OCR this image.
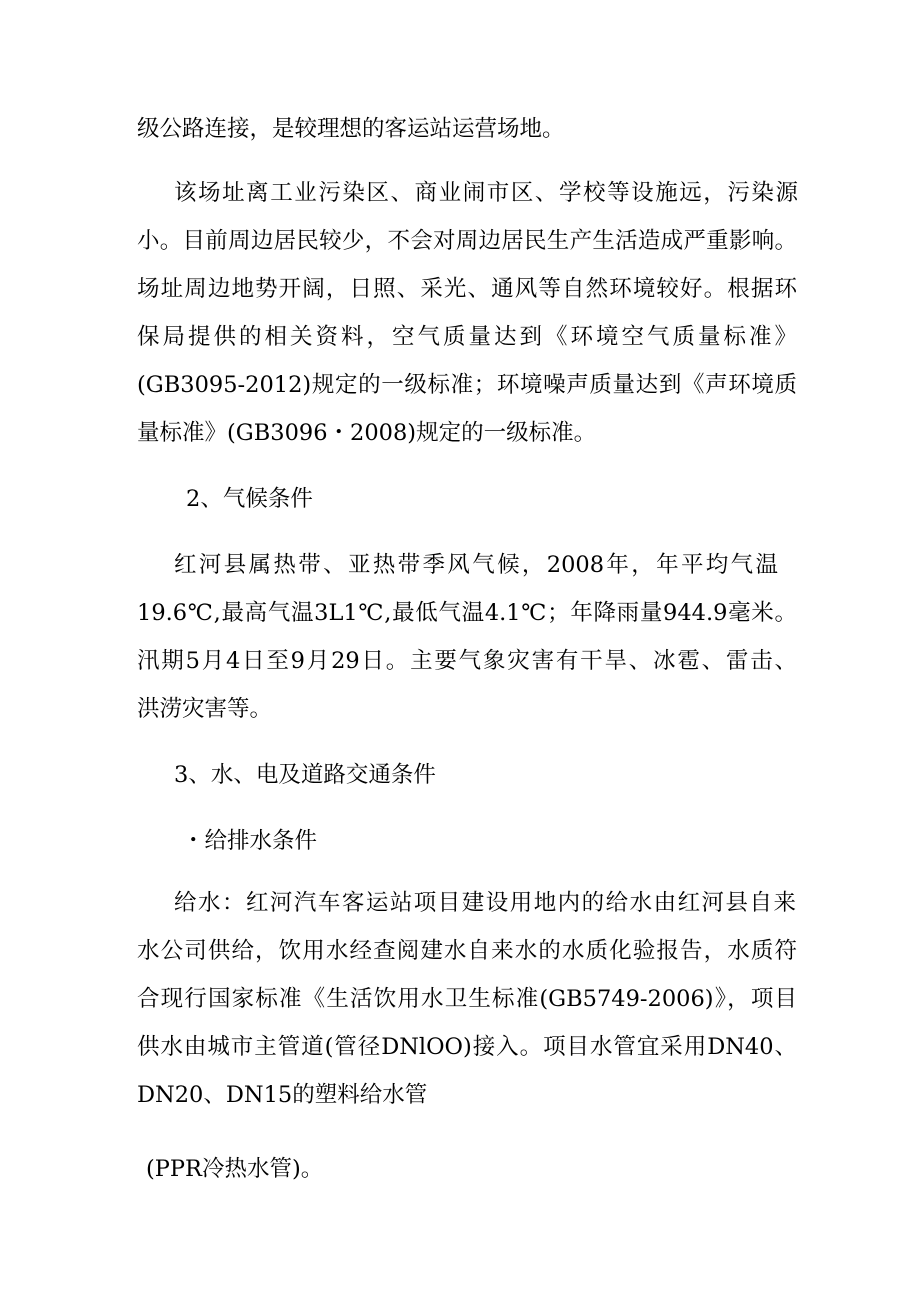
级公路连接，是较理想的客运站运营场地。
该场址离工业污染区、商业闹市区、学校等设施远，污染源
小。目前周边居民较少，不会对周边居民生产生活造成严重影响。
场址周边地势开阔，日照、采光、通风等自然环境较好。根据环
保局提供的相关资料，空气质量达到《环境空气质量标准》
(GB3095-2012)规定的一级标准；环境噪声质量达到《声环境质
量标准》(GB3096・2008)规定的一级标准。
2、气候条件
红河县属热带、亚热带季风气候，2008年，年平均气温
19.6℃,最高气温3L1℃,最低气温4.1℃；年降雨量944.9毫米。
汛期5月4日至9月29日。主要气象灾害有干旱、冰雹、雷击、
洪涝灾害等。
3、水、电及道路交通条件
・给排水条件
给水：红河汽车客运站项目建设用地内的给水由红河县自来
水公司供给，饮用水经查阅建水自来水的水质化验报告，水质符
合现行国家标准《生活饮用水卫生标准(GB5749-2006)》，项目
供水由城市主管道(管径DNlOO)接入。项目水管宜采用DN40、
DN20、DN15的塑料给水管
(PPR冷热水管)。
